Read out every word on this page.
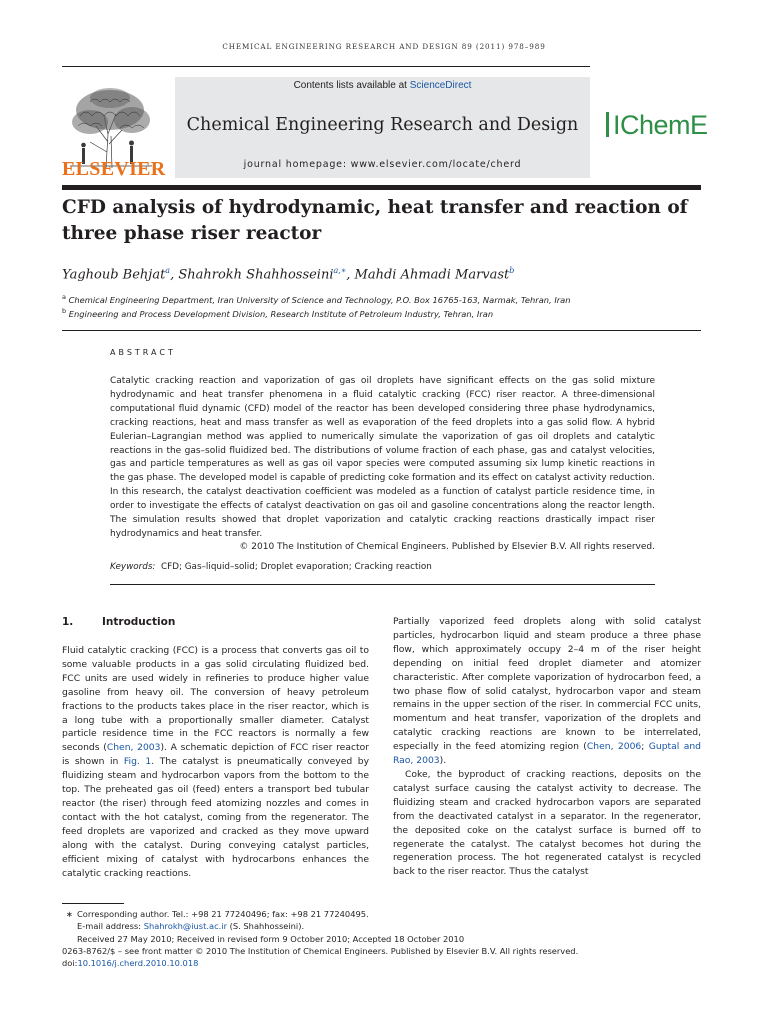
CHEMICAL ENGINEERING RESEARCH AND DESIGN 89 (2011) 978–989
ELSEVIER
Contents lists available at ScienceDirect
Chemical Engineering Research and Design
journal homepage: www.elsevier.com/locate/cherd
IChemE
CFD analysis of hydrodynamic, heat transfer and reaction of three phase riser reactor
Yaghoub Behjat$^a$, Shahrokh Shahhosseini$^{a,∗}$, Mahdi Ahmadi Marvast$^b$
$^a$ Chemical Engineering Department, Iran University of Science and Technology, P.O. Box 16765-163, Narmak, Tehran, Iran
$^b$ Engineering and Process Development Division, Research Institute of Petroleum Industry, Tehran, Iran
ABSTRACT

Catalytic cracking reaction and vaporization of gas oil droplets have significant effects on the gas solid mixture hydrodynamic and heat transfer phenomena in a fluid catalytic cracking (FCC) riser reactor. A three-dimensional computational fluid dynamic (CFD) model of the reactor has been developed considering three phase hydrodynamics, cracking reactions, heat and mass transfer as well as evaporation of the feed droplets into a gas solid flow. A hybrid Eulerian–Lagrangian method was applied to numerically simulate the vaporization of gas oil droplets and catalytic reactions in the gas–solid fluidized bed. The distributions of volume fraction of each phase, gas and catalyst velocities, gas and particle temperatures as well as gas oil vapor species were computed assuming six lump kinetic reactions in the gas phase. The developed model is capable of predicting coke formation and its effect on catalyst activity reduction. In this research, the catalyst deactivation coefficient was modeled as a function of catalyst particle residence time, in order to investigate the effects of catalyst deactivation on gas oil and gasoline concentrations along the reactor length. The simulation results showed that droplet vaporization and catalytic cracking reactions drastically impact riser hydrodynamics and heat transfer.

© 2010 The Institution of Chemical Engineers. Published by Elsevier B.V. All rights reserved.
Keywords: CFD; Gas–liquid–solid; Droplet evaporation; Cracking reaction
1.	Introduction

Fluid catalytic cracking (FCC) is a process that converts gas oil to some valuable products in a gas solid circulating fluidized bed. FCC units are used widely in refineries to produce higher value gasoline from heavy oil. The conversion of heavy petroleum fractions to the products takes place in the riser reactor, which is a long tube with a proportionally smaller diameter. Catalyst particle residence time in the FCC reactors is normally a few seconds (Chen, 2003). A schematic depiction of FCC riser reactor is shown in Fig. 1. The catalyst is pneumatically conveyed by fluidizing steam and hydrocarbon vapors from the bottom to the top. The preheated gas oil (feed) enters a transport bed tubular reactor (the riser) through feed atomizing nozzles and comes in contact with the hot catalyst, coming from the regenerator. The feed droplets are vaporized and cracked as they move upward along with the catalyst. During conveying catalyst particles, efficient mixing of catalyst with hydrocarbons enhances the catalytic cracking reactions.

Partially vaporized feed droplets along with solid catalyst particles, hydrocarbon liquid and steam produce a three phase flow, which approximately occupy 2–4 m of the riser height depending on initial feed droplet diameter and atomizer characteristic. After complete vaporization of hydrocarbon feed, a two phase flow of solid catalyst, hydrocarbon vapor and steam remains in the upper section of the riser. In commercial FCC units, momentum and heat transfer, vaporization of the droplets and catalytic cracking reactions are known to be interrelated, especially in the feed atomizing region (Chen, 2006; Guptal and Rao, 2003).

Coke, the byproduct of cracking reactions, deposits on the catalyst surface causing the catalyst activity to decrease. The fluidizing steam and cracked hydrocarbon vapors are separated from the deactivated catalyst in a separator. In the regenerator, the deposited coke on the catalyst surface is burned off to regenerate the catalyst. The catalyst becomes hot during the regeneration process. The hot regenerated catalyst is recycled back to the riser reactor. Thus the catalyst

∗ Corresponding author. Tel.: +98 21 77240496; fax: +98 21 77240495.
E-mail address: Shahrokh@iust.ac.ir (S. Shahhosseini).
Received 27 May 2010; Received in revised form 9 October 2010; Accepted 18 October 2010
0263-8762/$ – see front matter © 2010 The Institution of Chemical Engineers. Published by Elsevier B.V. All rights reserved.
doi:10.1016/j.cherd.2010.10.018
